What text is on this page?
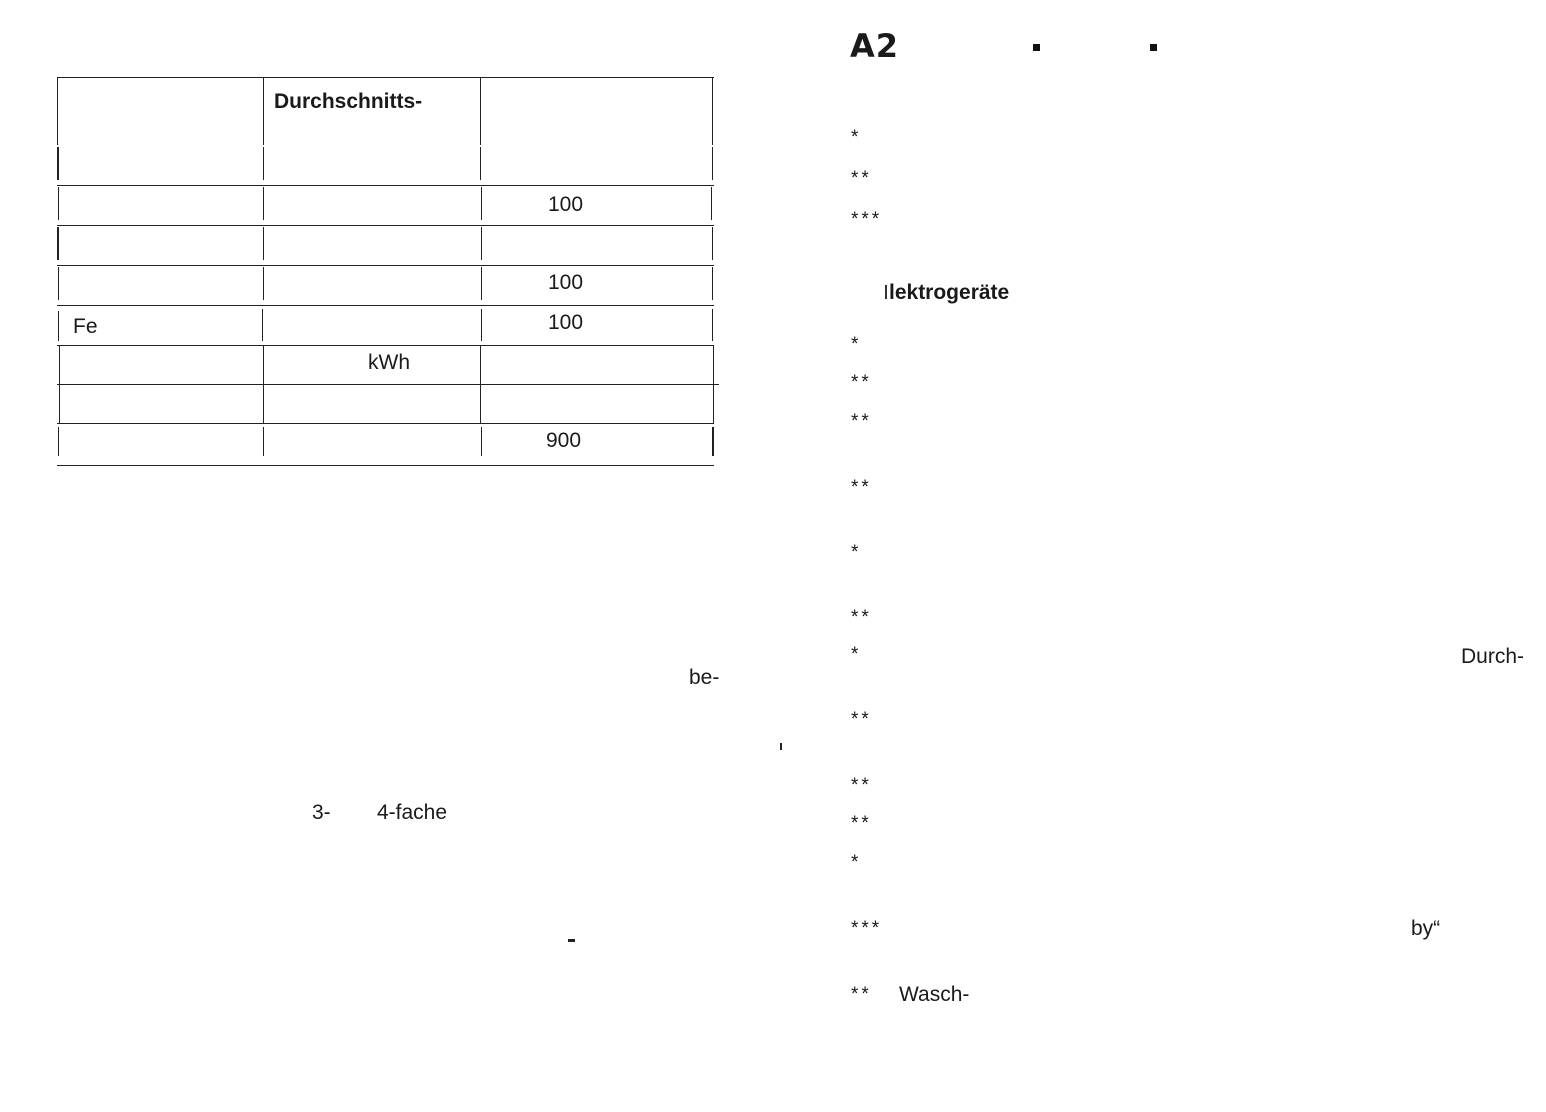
Durchschnitts-
100
100
Fe	100
kWh
900
be-
3- 4-fache
A2
*
**
***
lektrogeräte
*
**
**
**
*
**
*
**
**
**
*
***
**
Durch-
by“
Wasch-
